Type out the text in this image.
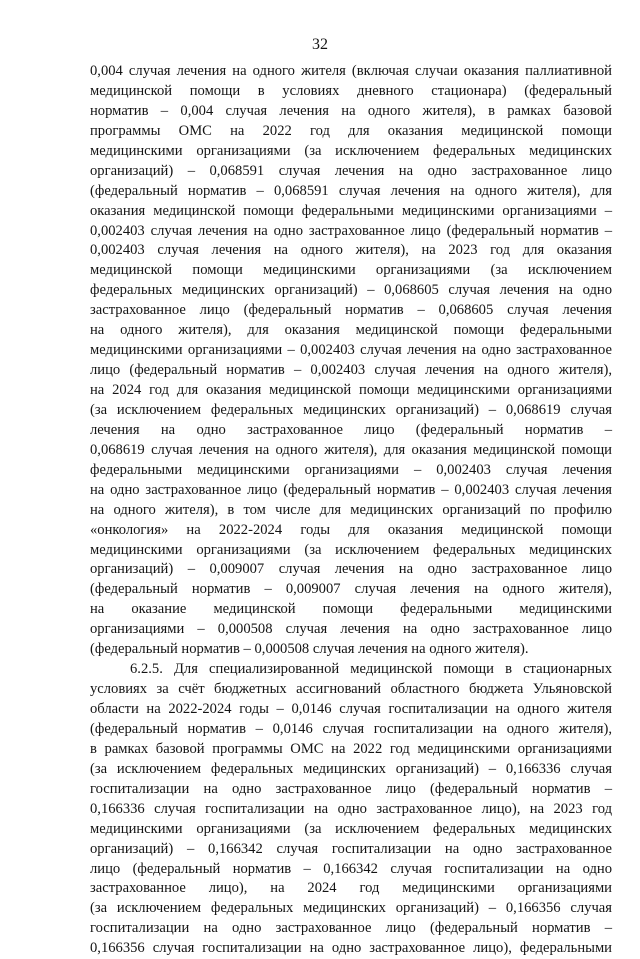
32
0,004 случая лечения на одного жителя (включая случаи оказания паллиативной
медицинской помощи в условиях дневного стационара) (федеральный
норматив – 0,004 случая лечения на одного жителя), в рамках базовой
программы ОМС на 2022 год для оказания медицинской помощи
медицинскими организациями (за исключением федеральных медицинских
организаций) – 0,068591 случая лечения на одно застрахованное лицо
(федеральный норматив – 0,068591 случая лечения на одного жителя), для
оказания медицинской помощи федеральными медицинскими организациями –
0,002403 случая лечения на одно застрахованное лицо (федеральный норматив –
0,002403 случая лечения на одного жителя), на 2023 год для оказания
медицинской помощи медицинскими организациями (за исключением
федеральных медицинских организаций) – 0,068605 случая лечения на одно
застрахованное лицо (федеральный норматив – 0,068605 случая лечения
на одного жителя), для оказания медицинской помощи федеральными
медицинскими организациями – 0,002403 случая лечения на одно застрахованное
лицо (федеральный норматив – 0,002403 случая лечения на одного жителя),
на 2024 год для оказания медицинской помощи медицинскими организациями
(за исключением федеральных медицинских организаций) – 0,068619 случая
лечения на одно застрахованное лицо (федеральный норматив –
0,068619 случая лечения на одного жителя), для оказания медицинской помощи
федеральными медицинскими организациями – 0,002403 случая лечения
на одно застрахованное лицо (федеральный норматив – 0,002403 случая лечения
на одного жителя), в том числе для медицинских организаций по профилю
«онкология» на 2022-2024 годы для оказания медицинской помощи
медицинскими организациями (за исключением федеральных медицинских
организаций) – 0,009007 случая лечения на одно застрахованное лицо
(федеральный норматив – 0,009007 случая лечения на одного жителя),
на оказание медицинской помощи федеральными медицинскими
организациями – 0,000508 случая лечения на одно застрахованное лицо
(федеральный норматив – 0,000508 случая лечения на одного жителя).
6.2.5. Для специализированной медицинской помощи в стационарных
условиях за счёт бюджетных ассигнований областного бюджета Ульяновской
области на 2022-2024 годы – 0,0146 случая госпитализации на одного жителя
(федеральный норматив – 0,0146 случая госпитализации на одного жителя),
в рамках базовой программы ОМС на 2022 год медицинскими организациями
(за исключением федеральных медицинских организаций) – 0,166336 случая
госпитализации на одно застрахованное лицо (федеральный норматив –
0,166336 случая госпитализации на одно застрахованное лицо), на 2023 год
медицинскими организациями (за исключением федеральных медицинских
организаций) – 0,166342 случая госпитализации на одно застрахованное
лицо (федеральный норматив – 0,166342 случая госпитализации на одно
застрахованное лицо), на 2024 год медицинскими организациями
(за исключением федеральных медицинских организаций) – 0,166356 случая
госпитализации на одно застрахованное лицо (федеральный норматив –
0,166356 случая госпитализации на одно застрахованное лицо), федеральными
